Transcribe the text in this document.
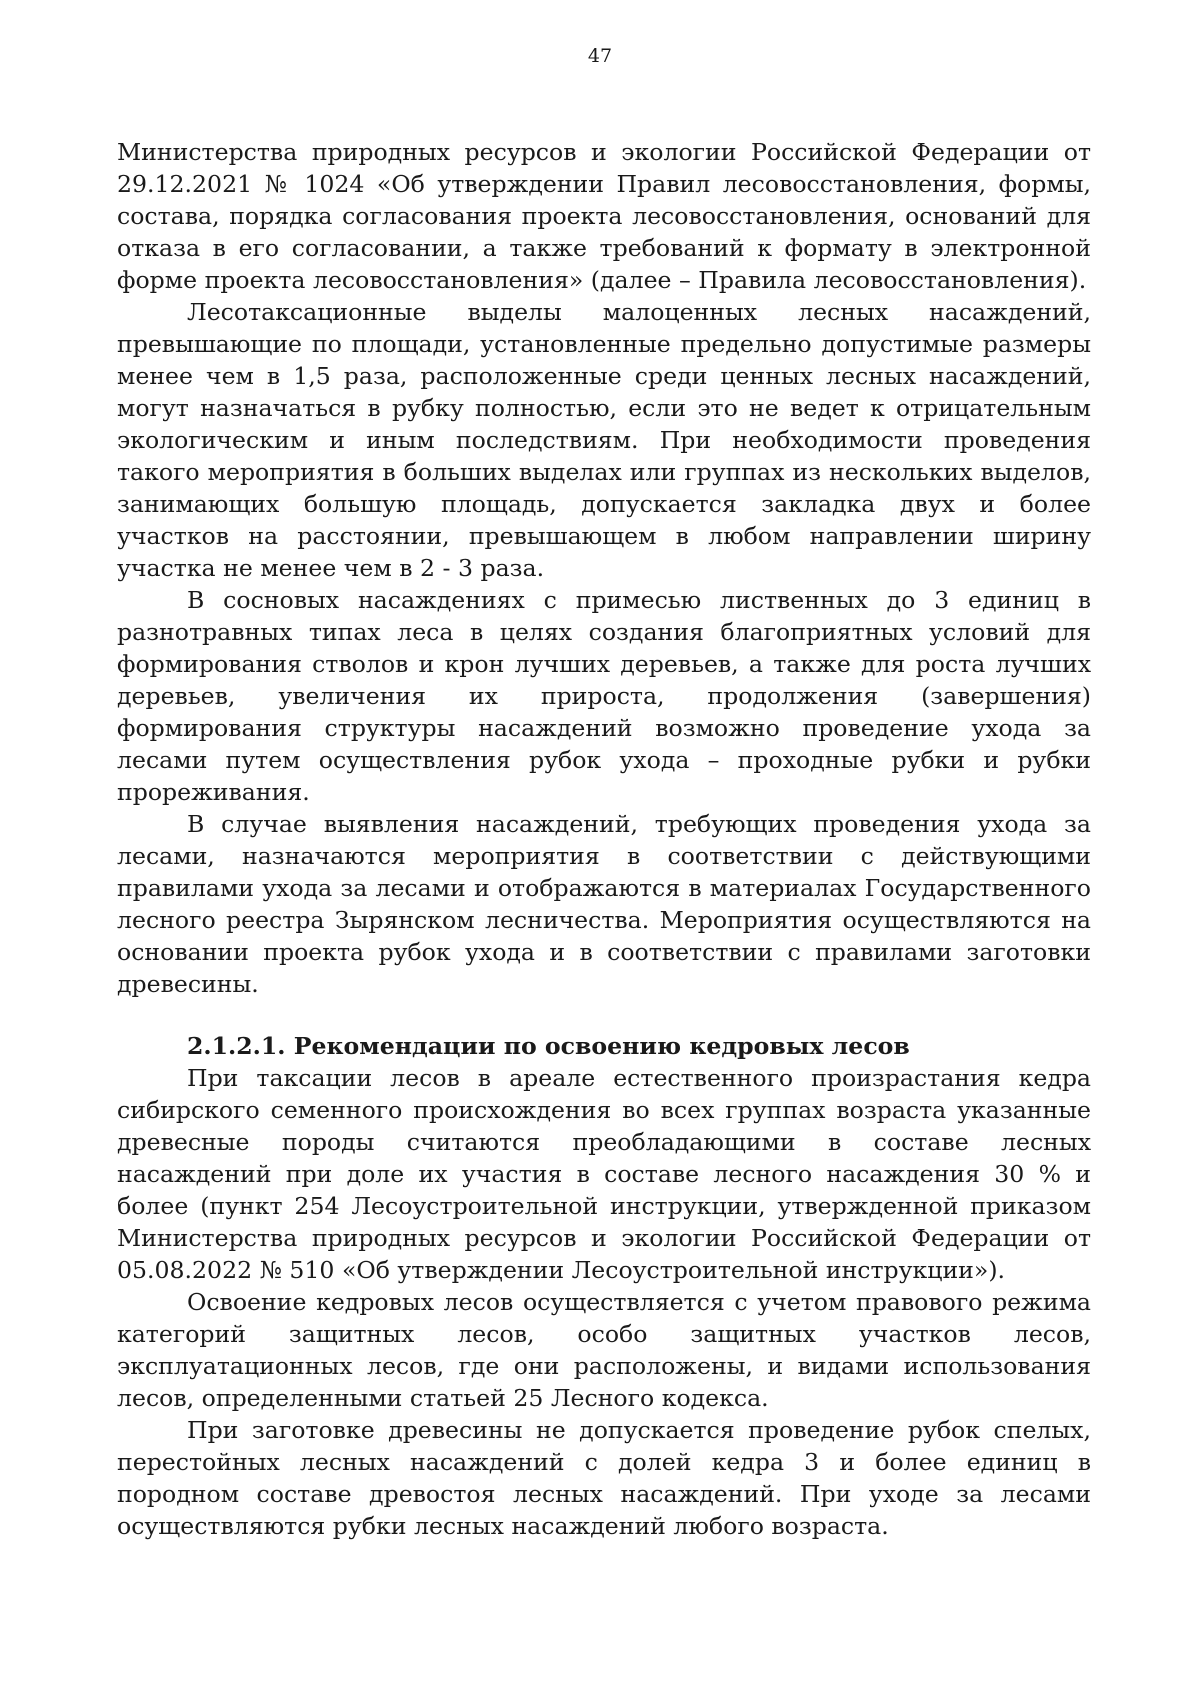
47

Министерства природных ресурсов и экологии Российской Федерации от 29.12.2021 № 1024 «Об утверждении Правил лесовосстановления, формы, состава, порядка согласования проекта лесовосстановления, оснований для отказа в его согласовании, а также требований к формату в электронной форме проекта лесовосстановления» (далее – Правила лесовосстановления).

Лесотаксационные выделы малоценных лесных насаждений, превышающие по площади, установленные предельно допустимые размеры менее чем в 1,5 раза, расположенные среди ценных лесных насаждений, могут назначаться в рубку полностью, если это не ведет к отрицательным экологическим и иным последствиям. При необходимости проведения такого мероприятия в больших выделах или группах из нескольких выделов, занимающих большую площадь, допускается закладка двух и более участков на расстоянии, превышающем в любом направлении ширину участка не менее чем в 2 - 3 раза.

В сосновых насаждениях с примесью лиственных до 3 единиц в разнотравных типах леса в целях создания благоприятных условий для формирования стволов и крон лучших деревьев, а также для роста лучших деревьев, увеличения их прироста, продолжения (завершения) формирования структуры насаждений возможно проведение ухода за лесами путем осуществления рубок ухода – проходные рубки и рубки прореживания.

В случае выявления насаждений, требующих проведения ухода за лесами, назначаются мероприятия в соответствии с действующими правилами ухода за лесами и отображаются в материалах Государственного лесного реестра Зырянском лесничества. Мероприятия осуществляются на основании проекта рубок ухода и в соответствии с правилами заготовки древесины.

2.1.2.1. Рекомендации по освоению кедровых лесов

При таксации лесов в ареале естественного произрастания кедра сибирского семенного происхождения во всех группах возраста указанные древесные породы считаются преобладающими в составе лесных насаждений при доле их участия в составе лесного насаждения 30 % и более (пункт 254 Лесоустроительной инструкции, утвержденной приказом Министерства природных ресурсов и экологии Российской Федерации от 05.08.2022 № 510 «Об утверждении Лесоустроительной инструкции»).

Освоение кедровых лесов осуществляется с учетом правового режима категорий защитных лесов, особо защитных участков лесов, эксплуатационных лесов, где они расположены, и видами использования лесов, определенными статьей 25 Лесного кодекса.

При заготовке древесины не допускается проведение рубок спелых, перестойных лесных насаждений с долей кедра 3 и более единиц в породном составе древостоя лесных насаждений. При уходе за лесами осуществляются рубки лесных насаждений любого возраста.
